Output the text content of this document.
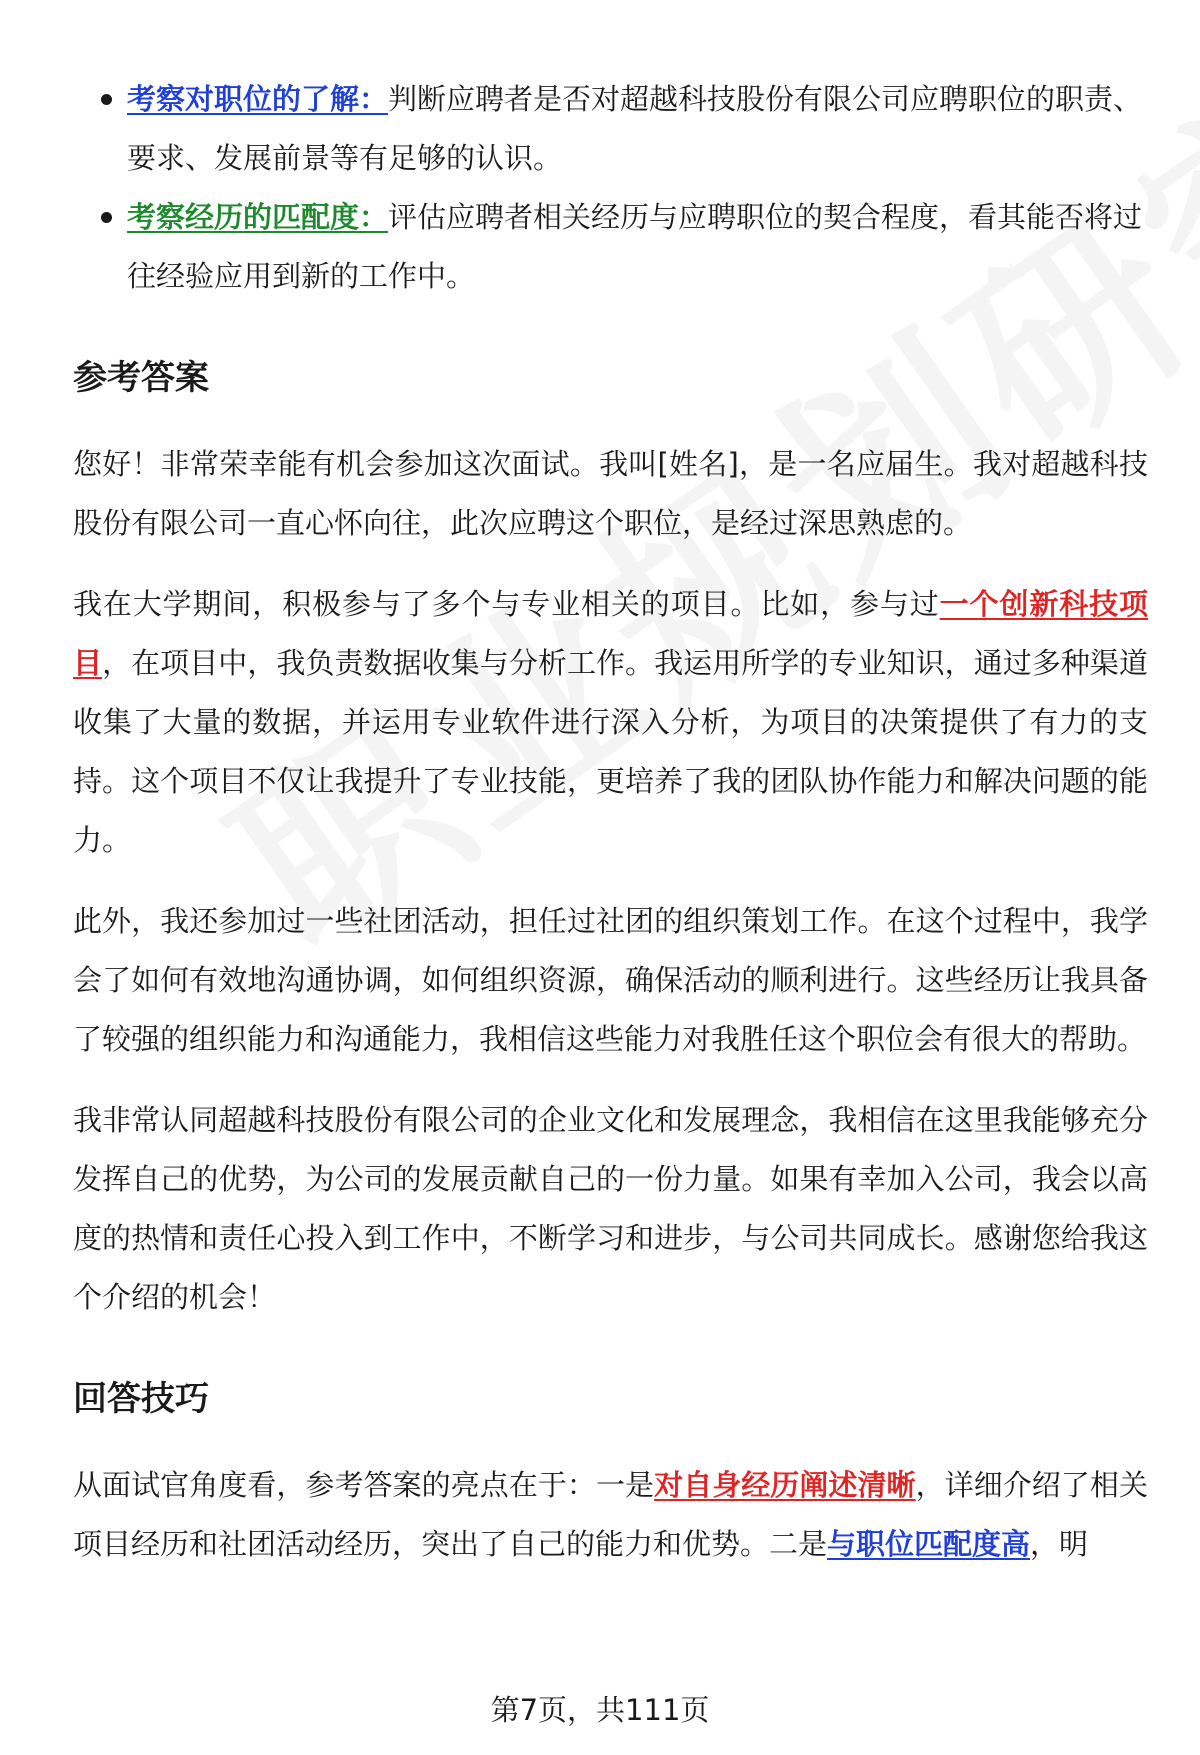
考察对职位的了解：判断应聘者是否对超越科技股份有限公司应聘职位的职责、要求、发展前景等有足够的认识。
考察经历的匹配度：评估应聘者相关经历与应聘职位的契合程度，看其能否将过往经验应用到新的工作中。
参考答案

您好！非常荣幸能有机会参加这次面试。我叫[姓名]，是一名应届生。我对超越科技股份有限公司一直心怀向往，此次应聘这个职位，是经过深思熟虑的。

我在大学期间，积极参与了多个与专业相关的项目。比如，参与过一个创新科技项目，在项目中，我负责数据收集与分析工作。我运用所学的专业知识，通过多种渠道收集了大量的数据，并运用专业软件进行深入分析，为项目的决策提供了有力的支持。这个项目不仅让我提升了专业技能，更培养了我的团队协作能力和解决问题的能力。

此外，我还参加过一些社团活动，担任过社团的组织策划工作。在这个过程中，我学会了如何有效地沟通协调，如何组织资源，确保活动的顺利进行。这些经历让我具备了较强的组织能力和沟通能力，我相信这些能力对我胜任这个职位会有很大的帮助。

我非常认同超越科技股份有限公司的企业文化和发展理念，我相信在这里我能够充分发挥自己的优势，为公司的发展贡献自己的一份力量。如果有幸加入公司，我会以高度的热情和责任心投入到工作中，不断学习和进步，与公司共同成长。感谢您给我这个介绍的机会！

回答技巧

从面试官角度看，参考答案的亮点在于：一是对自身经历阐述清晰，详细介绍了相关项目经历和社团活动经历，突出了自己的能力和优势。二是与职位匹配度高，明

第7页，共111页
